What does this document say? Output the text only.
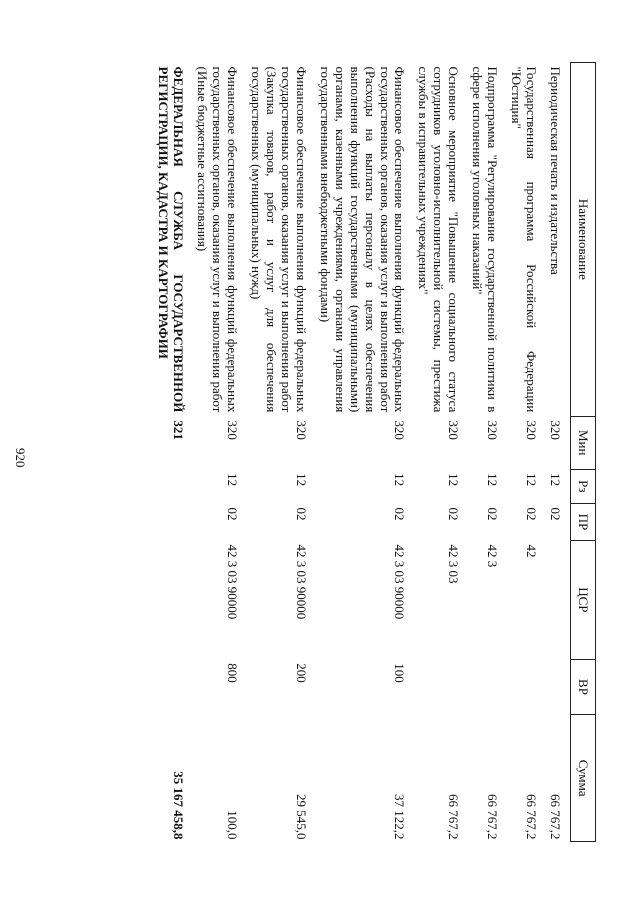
920
Наименование	Мин	Рз	ПР	ЦСР	ВР	Сумма
Периодическая печать и издательства	320	12	02			66 767,2
Государственная программа Российской Федерации "Юстиция"	320	12	02	42		66 767,2
Подпрограмма "Регулирование государственной политики в сфере исполнения уголовных наказаний"	320	12	02	42 3		66 767,2
Основное мероприятие "Повышение социального статуса сотрудников уголовно-исполнительной системы, престижа службы в исправительных учреждениях"	320	12	02	42 3 03		66 767,2
Финансовое обеспечение выполнения функций федеральных государственных органов, оказания услуг и выполнения работ (Расходы на выплаты персоналу в целях обеспечения выполнения функций государственными (муниципальными) органами, казенными учреждениями, органами управления государственными внебюджетными фондами)	320	12	02	42 3 03 90000	100	37 122,2
Финансовое обеспечение выполнения функций федеральных государственных органов, оказания услуг и выполнения работ (Закупка товаров, работ и услуг для обеспечения государственных (муниципальных) нужд)	320	12	02	42 3 03 90000	200	29 545,0
Финансовое обеспечение выполнения функций федеральных государственных органов, оказания услуг и выполнения работ (Иные бюджетные ассигнования)	320	12	02	42 3 03 90000	800	100,0
ФЕДЕРАЛЬНАЯ СЛУЖБА ГОСУДАРСТВЕННОЙ РЕГИСТРАЦИИ, КАДАСТРА И КАРТОГРАФИИ	321					35 167 458,8
